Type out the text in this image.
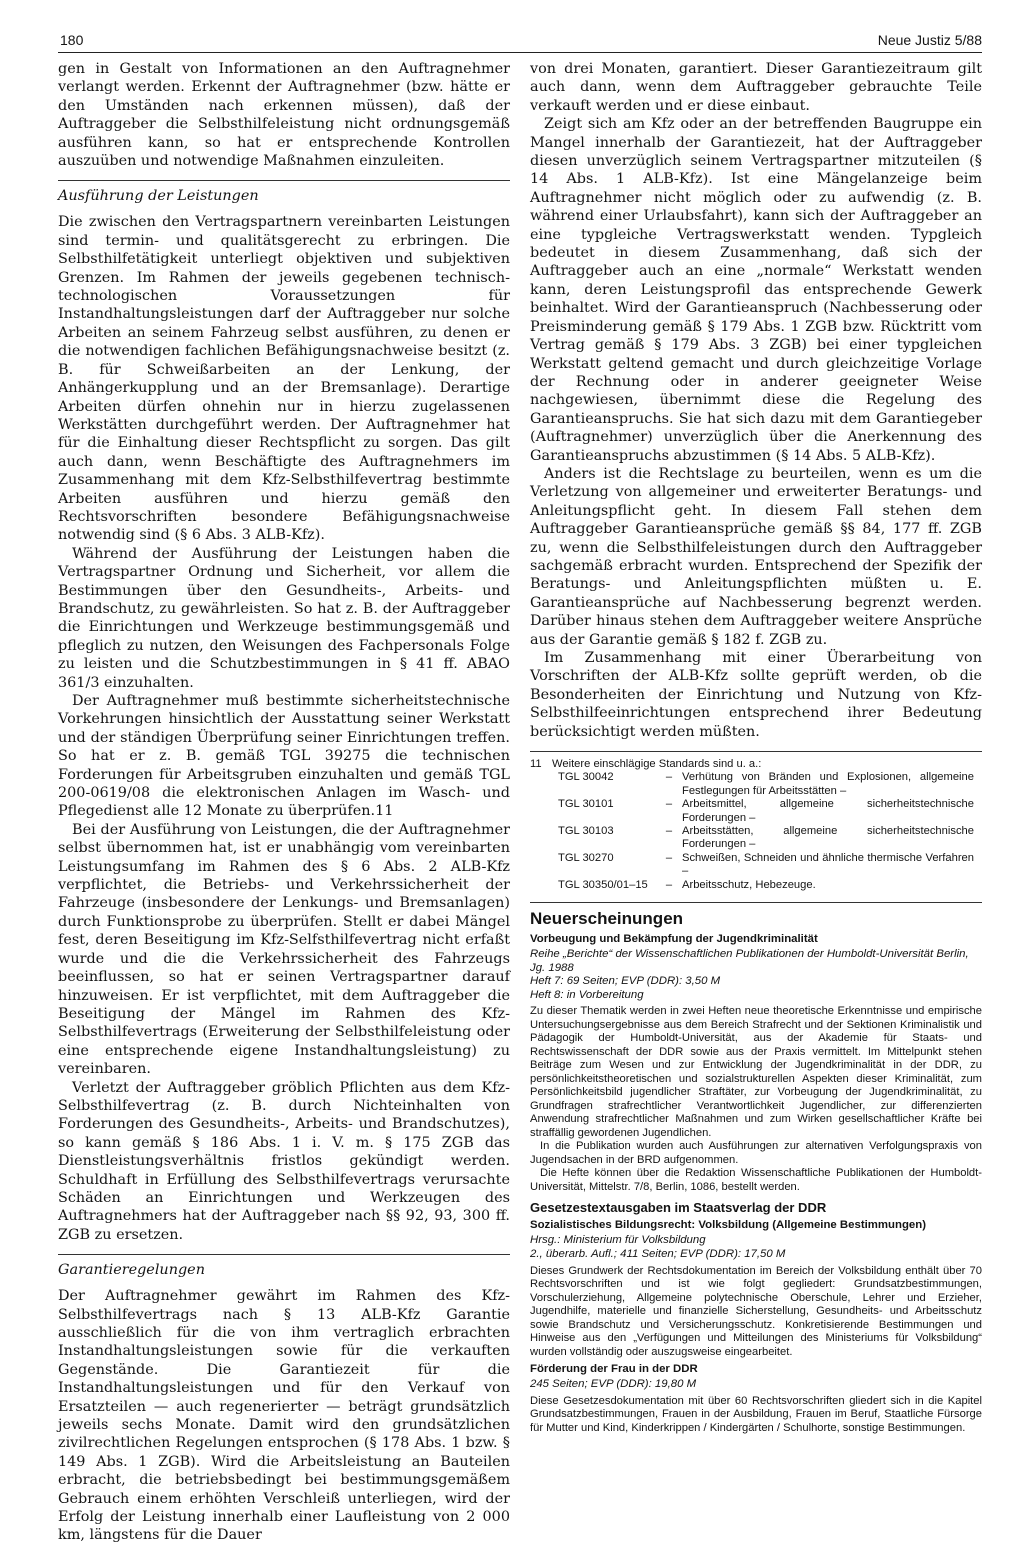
180	Neue Justiz 5/88

gen in Gestalt von Informationen an den Auftragnehmer verlangt werden. Erkennt der Auftragnehmer (bzw. hätte er den Umständen nach erkennen müssen), daß der Auftraggeber die Selbsthilfeleistung nicht ordnungsgemäß ausführen kann, so hat er entsprechende Kontrollen auszuüben und notwendige Maßnahmen einzuleiten.

Ausführung der Leistungen

Die zwischen den Vertragspartnern vereinbarten Leistungen sind termin- und qualitätsgerecht zu erbringen. Die Selbsthilfetätigkeit unterliegt objektiven und subjektiven Grenzen. Im Rahmen der jeweils gegebenen technisch-technologischen Voraussetzungen für Instandhaltungsleistungen darf der Auftraggeber nur solche Arbeiten an seinem Fahrzeug selbst ausführen, zu denen er die notwendigen fachlichen Befähigungsnachweise besitzt (z. B. für Schweißarbeiten an der Lenkung, der Anhängerkupplung und an der Bremsanlage). Derartige Arbeiten dürfen ohnehin nur in hierzu zugelassenen Werkstätten durchgeführt werden. Der Auftragnehmer hat für die Einhaltung dieser Rechtspflicht zu sorgen. Das gilt auch dann, wenn Beschäftigte des Auftragnehmers im Zusammenhang mit dem Kfz-Selbsthilfevertrag bestimmte Arbeiten ausführen und hierzu gemäß den Rechtsvorschriften besondere Befähigungsnachweise notwendig sind (§ 6 Abs. 3 ALB-Kfz).

Während der Ausführung der Leistungen haben die Vertragspartner Ordnung und Sicherheit, vor allem die Bestimmungen über den Gesundheits-, Arbeits- und Brandschutz, zu gewährleisten. So hat z. B. der Auftraggeber die Einrichtungen und Werkzeuge bestimmungsgemäß und pfleglich zu nutzen, den Weisungen des Fachpersonals Folge zu leisten und die Schutzbestimmungen in § 41 ff. ABAO 361/3 einzuhalten.

Der Auftragnehmer muß bestimmte sicherheitstechnische Vorkehrungen hinsichtlich der Ausstattung seiner Werkstatt und der ständigen Überprüfung seiner Einrichtungen treffen. So hat er z. B. gemäß TGL 39275 die technischen Forderungen für Arbeitsgruben einzuhalten und gemäß TGL 200-0619/08 die elektronischen Anlagen im Wasch- und Pflegedienst alle 12 Monate zu überprüfen.11

Bei der Ausführung von Leistungen, die der Auftragnehmer selbst übernommen hat, ist er unabhängig vom vereinbarten Leistungsumfang im Rahmen des § 6 Abs. 2 ALB-Kfz verpflichtet, die Betriebs- und Verkehrssicherheit der Fahrzeuge (insbesondere der Lenkungs- und Bremsanlagen) durch Funktionsprobe zu überprüfen. Stellt er dabei Mängel fest, deren Beseitigung im Kfz-Selfsthilfevertrag nicht erfaßt wurde und die die Verkehrssicherheit des Fahrzeugs beeinflussen, so hat er seinen Vertragspartner darauf hinzuweisen. Er ist verpflichtet, mit dem Auftraggeber die Beseitigung der Mängel im Rahmen des Kfz-Selbsthilfevertrags (Erweiterung der Selbsthilfeleistung oder eine entsprechende eigene Instandhaltungsleistung) zu vereinbaren.

Verletzt der Auftraggeber gröblich Pflichten aus dem Kfz-Selbsthilfevertrag (z. B. durch Nichteinhalten von Forderungen des Gesundheits-, Arbeits- und Brandschutzes), so kann gemäß § 186 Abs. 1 i. V. m. § 175 ZGB das Dienstleistungsverhältnis fristlos gekündigt werden. Schuldhaft in Erfüllung des Selbsthilfevertrags verursachte Schäden an Einrichtungen und Werkzeugen des Auftragnehmers hat der Auftraggeber nach §§ 92, 93, 300 ff. ZGB zu ersetzen.

Garantieregelungen

Der Auftragnehmer gewährt im Rahmen des Kfz-Selbsthilfevertrags nach § 13 ALB-Kfz Garantie ausschließlich für die von ihm vertraglich erbrachten Instandhaltungsleistungen sowie für die verkauften Gegenstände. Die Garantiezeit für die Instandhaltungsleistungen und für den Verkauf von Ersatzteilen — auch regenerierter — beträgt grundsätzlich jeweils sechs Monate. Damit wird den grundsätzlichen zivilrechtlichen Regelungen entsprochen (§ 178 Abs. 1 bzw. § 149 Abs. 1 ZGB). Wird die Arbeitsleistung an Bauteilen erbracht, die betriebsbedingt bei bestimmungsgemäßem Gebrauch einem erhöhten Verschleiß unterliegen, wird der Erfolg der Leistung innerhalb einer Laufleistung von 2 000 km, längstens für die Dauer

von drei Monaten, garantiert. Dieser Garantiezeitraum gilt auch dann, wenn dem Auftraggeber gebrauchte Teile verkauft werden und er diese einbaut.

Zeigt sich am Kfz oder an der betreffenden Baugruppe ein Mangel innerhalb der Garantiezeit, hat der Auftraggeber diesen unverzüglich seinem Vertragspartner mitzuteilen (§ 14 Abs. 1 ALB-Kfz). Ist eine Mängelanzeige beim Auftragnehmer nicht möglich oder zu aufwendig (z. B. während einer Urlaubsfahrt), kann sich der Auftraggeber an eine typgleiche Vertragswerkstatt wenden. Typgleich bedeutet in diesem Zusammenhang, daß sich der Auftraggeber auch an eine „normale“ Werkstatt wenden kann, deren Leistungsprofil das entsprechende Gewerk beinhaltet. Wird der Garantieanspruch (Nachbesserung oder Preisminderung gemäß § 179 Abs. 1 ZGB bzw. Rücktritt vom Vertrag gemäß § 179 Abs. 3 ZGB) bei einer typgleichen Werkstatt geltend gemacht und durch gleichzeitige Vorlage der Rechnung oder in anderer geeigneter Weise nachgewiesen, übernimmt diese die Regelung des Garantieanspruchs. Sie hat sich dazu mit dem Garantiegeber (Auftragnehmer) unverzüglich über die Anerkennung des Garantieanspruchs abzustimmen (§ 14 Abs. 5 ALB-Kfz).

Anders ist die Rechtslage zu beurteilen, wenn es um die Verletzung von allgemeiner und erweiterter Beratungs- und Anleitungspflicht geht. In diesem Fall stehen dem Auftraggeber Garantieansprüche gemäß §§ 84, 177 ff. ZGB zu, wenn die Selbsthilfeleistungen durch den Auftraggeber sachgemäß erbracht wurden. Entsprechend der Spezifik der Beratungs- und Anleitungspflichten müßten u. E. Garantieansprüche auf Nachbesserung begrenzt werden. Darüber hinaus stehen dem Auftraggeber weitere Ansprüche aus der Garantie gemäß § 182 f. ZGB zu.

Im Zusammenhang mit einer Überarbeitung von Vorschriften der ALB-Kfz sollte geprüft werden, ob die Besonderheiten der Einrichtung und Nutzung von Kfz-Selbsthilfeeinrichtungen entsprechend ihrer Bedeutung berücksichtigt werden müßten.

11 Weitere einschlägige Standards sind u. a.:
TGL 30042	–	Verhütung von Bränden und Explosionen, allgemeine Festlegungen für Arbeitsstätten –
TGL 30101	–	Arbeitsmittel, allgemeine sicherheitstechnische Forderungen –
TGL 30103	–	Arbeitsstätten, allgemeine sicherheitstechnische Forderungen –
TGL 30270	–	Schweißen, Schneiden und ähnliche thermische Verfahren –
TGL 30350/01–15	–	Arbeitsschutz, Hebezeuge.
Neuerscheinungen
Vorbeugung und Bekämpfung der Jugendkriminalität
Reihe „Berichte“ der Wissenschaftlichen Publikationen der Humboldt-Universität Berlin, Jg. 1988
Heft 7: 69 Seiten; EVP (DDR): 3,50 M
Heft 8: in Vorbereitung
Zu dieser Thematik werden in zwei Heften neue theoretische Erkenntnisse und empirische Untersuchungsergebnisse aus dem Bereich Strafrecht und der Sektionen Kriminalistik und Pädagogik der Humboldt-Universität, aus der Akademie für Staats- und Rechtswissenschaft der DDR sowie aus der Praxis vermittelt. Im Mittelpunkt stehen Beiträge zum Wesen und zur Entwicklung der Jugendkriminalität in der DDR, zu persönlichkeitstheoretischen und sozialstrukturellen Aspekten dieser Kriminalität, zum Persönlichkeitsbild jugendlicher Straftäter, zur Vorbeugung der Jugendkriminalität, zu Grundfragen strafrechtlicher Verantwortlichkeit Jugendlicher, zur differenzierten Anwendung strafrechtlicher Maßnahmen und zum Wirken gesellschaftlicher Kräfte bei straffällig gewordenen Jugendlichen.
In die Publikation wurden auch Ausführungen zur alternativen Verfolgungspraxis von Jugendsachen in der BRD aufgenommen.
Die Hefte können über die Redaktion Wissenschaftliche Publikationen der Humboldt-Universität, Mittelstr. 7/8, Berlin, 1086, bestellt werden.
Gesetzestextausgaben im Staatsverlag der DDR
Sozialistisches Bildungsrecht: Volksbildung (Allgemeine Bestimmungen)
Hrsg.: Ministerium für Volksbildung
2., überarb. Aufl.; 411 Seiten; EVP (DDR): 17,50 M
Dieses Grundwerk der Rechtsdokumentation im Bereich der Volksbildung enthält über 70 Rechtsvorschriften und ist wie folgt gegliedert: Grundsatzbestimmungen, Vorschulerziehung, Allgemeine polytechnische Oberschule, Lehrer und Erzieher, Jugendhilfe, materielle und finanzielle Sicherstellung, Gesundheits- und Arbeitsschutz sowie Brandschutz und Versicherungsschutz. Konkretisierende Bestimmungen und Hinweise aus den „Verfügungen und Mitteilungen des Ministeriums für Volksbildung“ wurden vollständig oder auszugsweise eingearbeitet.
Förderung der Frau in der DDR
245 Seiten; EVP (DDR): 19,80 M
Diese Gesetzesdokumentation mit über 60 Rechtsvorschriften gliedert sich in die Kapitel Grundsatzbestimmungen, Frauen in der Ausbildung, Frauen im Beruf, Staatliche Fürsorge für Mutter und Kind, Kinderkrippen / Kindergärten / Schulhorte, sonstige Bestimmungen.
